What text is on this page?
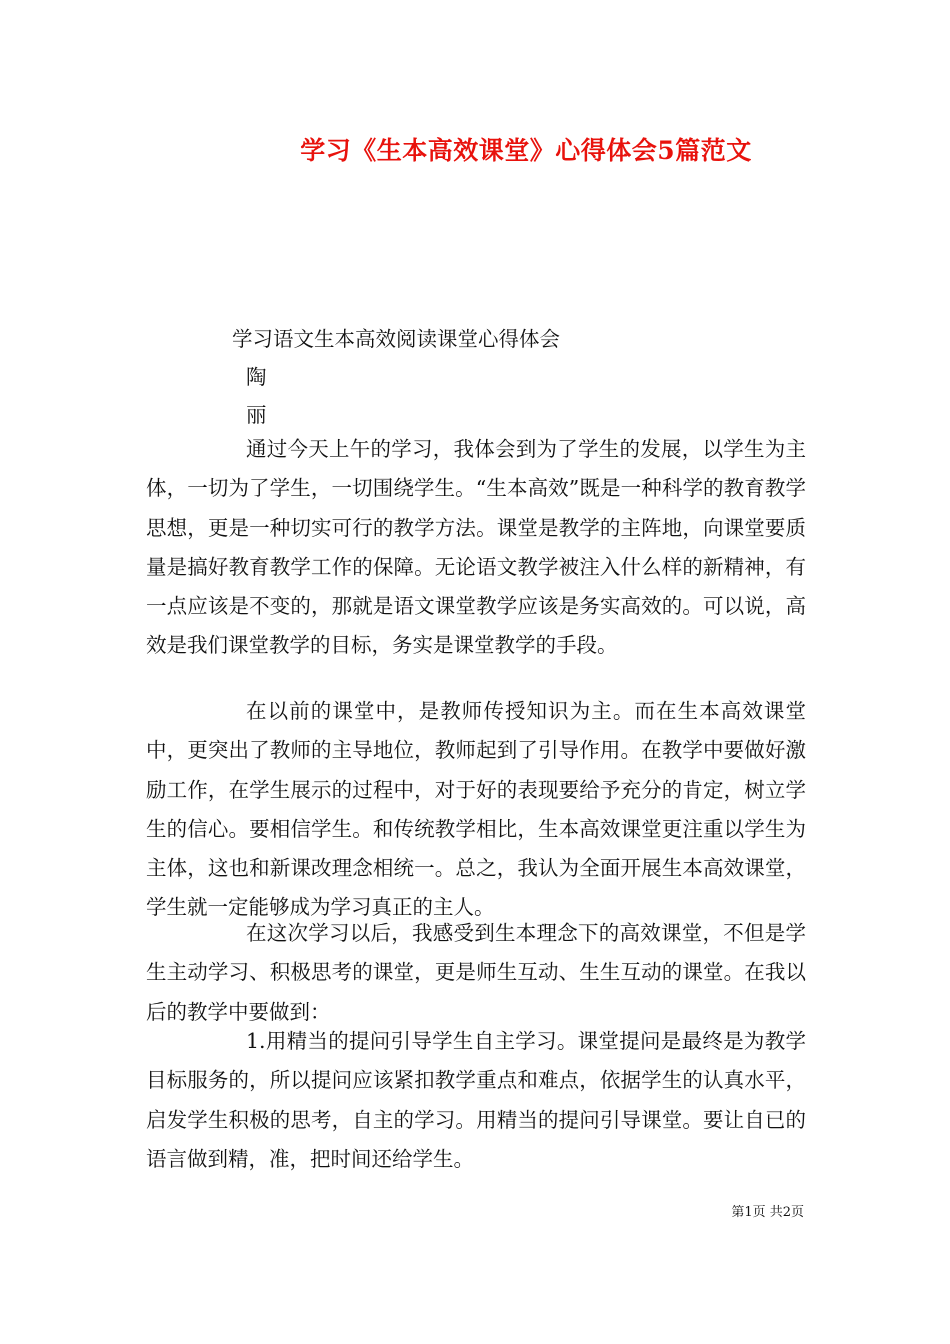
学习《生本高效课堂》心得体会5篇范文
学习语文生本高效阅读课堂心得体会
陶
丽

通过今天上午的学习，我体会到为了学生的发展，以学生为主体，一切为了学生，一切围绕学生。“生本高效”既是一种科学的教育教学思想，更是一种切实可行的教学方法。课堂是教学的主阵地，向课堂要质量是搞好教育教学工作的保障。无论语文教学被注入什么样的新精神，有一点应该是不变的，那就是语文课堂教学应该是务实高效的。可以说，高效是我们课堂教学的目标，务实是课堂教学的手段。

在以前的课堂中，是教师传授知识为主。而在生本高效课堂中，更突出了教师的主导地位，教师起到了引导作用。在教学中要做好激励工作，在学生展示的过程中，对于好的表现要给予充分的肯定，树立学生的信心。要相信学生。和传统教学相比，生本高效课堂更注重以学生为主体，这也和新课改理念相统一。总之，我认为全面开展生本高效课堂，学生就一定能够成为学习真正的主人。

在这次学习以后，我感受到生本理念下的高效课堂，不但是学生主动学习、积极思考的课堂，更是师生互动、生生互动的课堂。在我以后的教学中要做到：

1.用精当的提问引导学生自主学习。课堂提问是最终是为教学目标服务的，所以提问应该紧扣教学重点和难点，依据学生的认真水平，启发学生积极的思考，自主的学习。用精当的提问引导课堂。要让自已的语言做到精，准，把时间还给学生。

第1页 共2页
